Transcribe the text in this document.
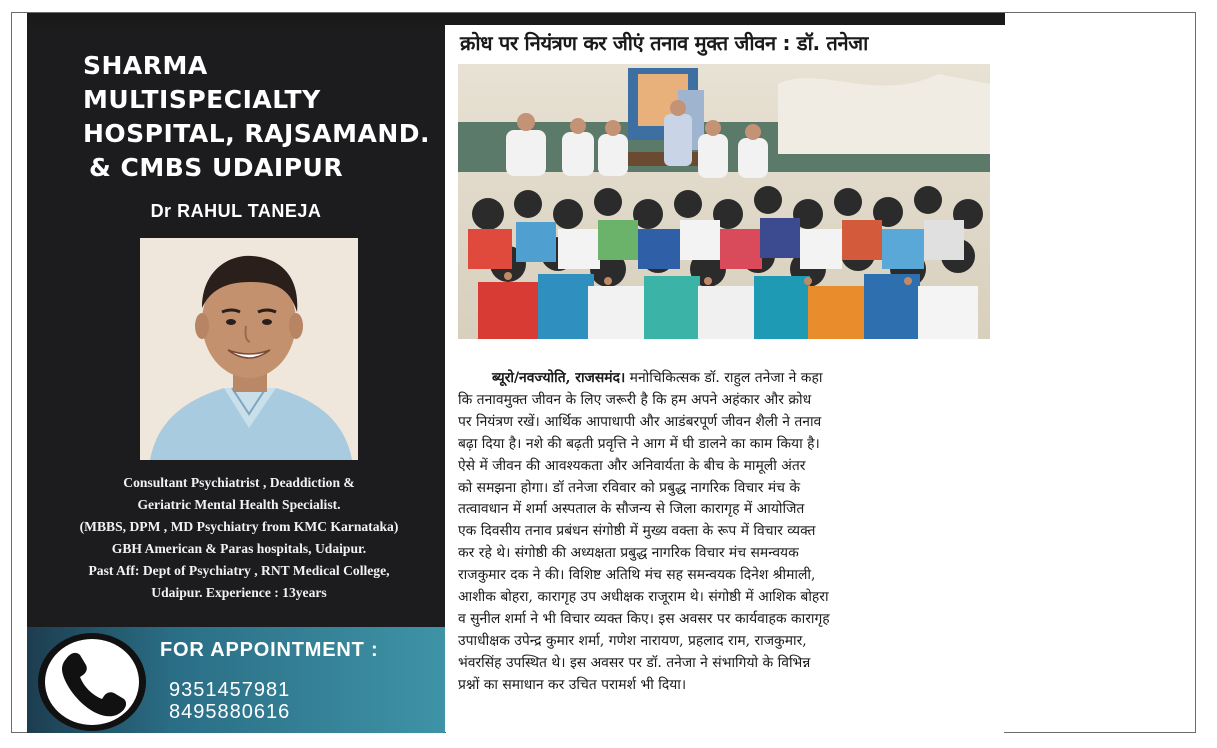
SHARMA
MULTISPECIALTY
HOSPITAL, RAJSAMAND.
& CMBS UDAIPUR
Dr RAHUL TANEJA
Consultant Psychiatrist , Deaddiction &
Geriatric Mental Health Specialist.
(MBBS, DPM , MD Psychiatry from KMC Karnataka)
GBH American & Paras hospitals, Udaipur.
Past Aff: Dept of Psychiatry , RNT Medical College,
Udaipur. Experience : 13years
FOR APPOINTMENT :
9351457981
8495880616
क्रोध पर नियंत्रण कर जीएं तनाव मुक्त जीवन : डॉ. तनेजा
ब्यूरो/नवज्योति, राजसमंद। मनोचिकित्सक डॉ. राहुल तनेजा ने कहा
कि तनावमुक्त जीवन के लिए जरूरी है कि हम अपने अहंकार और क्रोध
पर नियंत्रण रखें। आर्थिक आपाधापी और आडंबरपूर्ण जीवन शैली ने तनाव
बढ़ा दिया है। नशे की बढ़ती प्रवृत्ति ने आग में घी डालने का काम किया है।
ऐसे में जीवन की आवश्यकता और अनिवार्यता के बीच के मामूली अंतर
को समझना होगा। डॉ तनेजा रविवार को प्रबुद्ध नागरिक विचार मंच के
तत्वावधान में शर्मा अस्पताल के सौजन्य से जिला कारागृह में आयोजित
एक दिवसीय तनाव प्रबंधन संगोष्ठी में मुख्य वक्ता के रूप में विचार व्यक्त
कर रहे थे। संगोष्ठी की अध्यक्षता प्रबुद्ध नागरिक विचार मंच समन्वयक
राजकुमार दक ने की। विशिष्ट अतिथि मंच सह समन्वयक दिनेश श्रीमाली,
आशीक बोहरा, कारागृह उप अधीक्षक राजूराम थे। संगोष्ठी में आशिक बोहरा
व सुनील शर्मा ने भी विचार व्यक्त किए। इस अवसर पर कार्यवाहक कारागृह
उपाधीक्षक उपेन्द्र कुमार शर्मा, गणेश नारायण, प्रहलाद राम, राजकुमार,
भंवरसिंह उपस्थित थे। इस अवसर पर डॉ. तनेजा ने संभागियो के विभिन्न
प्रश्नों का समाधान कर उचित परामर्श भी दिया।
